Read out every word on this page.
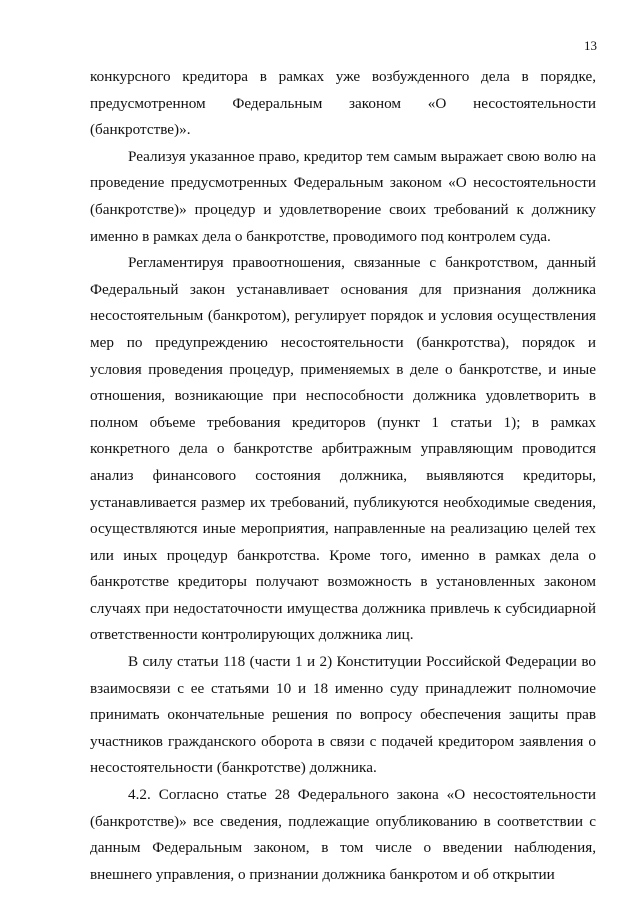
13

конкурсного кредитора в рамках уже возбужденного дела в порядке, предусмотренном Федеральным законом «О несостоятельности (банкротстве)».

Реализуя указанное право, кредитор тем самым выражает свою волю на проведение предусмотренных Федеральным законом «О несостоятельности (банкротстве)» процедур и удовлетворение своих требований к должнику именно в рамках дела о банкротстве, проводимого под контролем суда.

Регламентируя правоотношения, связанные с банкротством, данный Федеральный закон устанавливает основания для признания должника несостоятельным (банкротом), регулирует порядок и условия осуществления мер по предупреждению несостоятельности (банкротства), порядок и условия проведения процедур, применяемых в деле о банкротстве, и иные отношения, возникающие при неспособности должника удовлетворить в полном объеме требования кредиторов (пункт 1 статьи 1); в рамках конкретного дела о банкротстве арбитражным управляющим проводится анализ финансового состояния должника, выявляются кредиторы, устанавливается размер их требований, публикуются необходимые сведения, осуществляются иные мероприятия, направленные на реализацию целей тех или иных процедур банкротства. Кроме того, именно в рамках дела о банкротстве кредиторы получают возможность в установленных законом случаях при недостаточности имущества должника привлечь к субсидиарной ответственности контролирующих должника лиц.

В силу статьи 118 (части 1 и 2) Конституции Российской Федерации во взаимосвязи с ее статьями 10 и 18 именно суду принадлежит полномочие принимать окончательные решения по вопросу обеспечения защиты прав участников гражданского оборота в связи с подачей кредитором заявления о несостоятельности (банкротстве) должника.

4.2. Согласно статье 28 Федерального закона «О несостоятельности (банкротстве)» все сведения, подлежащие опубликованию в соответствии с данным Федеральным законом, в том числе о введении наблюдения, внешнего управления, о признании должника банкротом и об открытии
